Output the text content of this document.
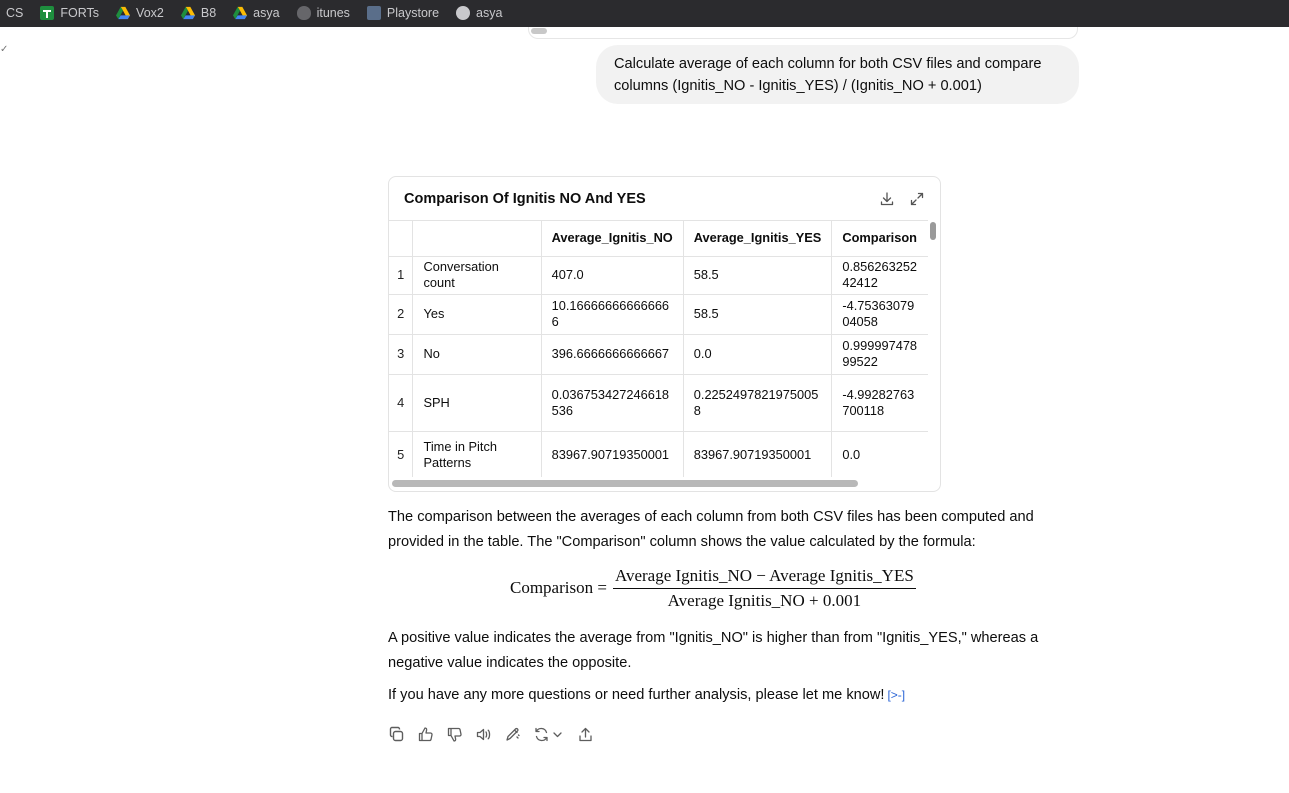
CS	FORTs	Vox2	B8	asya	itunes	Playstore	asya
✓
Calculate average of each column for both CSV files and compare columns (Ignitis_NO - Ignitis_YES) / (Ignitis_NO + 0.001)
Comparison Of Ignitis NO And YES
		Average_Ignitis_NO	Average_Ignitis_YES	Comparison
1	Conversation count	407.0	58.5	0.85626325242412
2	Yes	10.166666666666666	58.5	-4.7536307904058
3	No	396.6666666666667	0.0	0.99999747899522
4	SPH	0.036753427246618536	0.22524978219750058	-4.99282763700118
5	Time in Pitch Patterns	83967.90719350001	83967.90719350001	0.0
The comparison between the averages of each column from both CSV files has been computed and provided in the table. The "Comparison" column shows the value calculated by the formula:
Comparison = $\frac{\text{Average Ignitis\_NO − Average Ignitis\_YES}}{\text{Average Ignitis\_NO + 0.001}}$
A positive value indicates the average from "Ignitis_NO" is higher than from "Ignitis_YES," whereas a negative value indicates the opposite.
If you have any more questions or need further analysis, please let me know! [>-]
